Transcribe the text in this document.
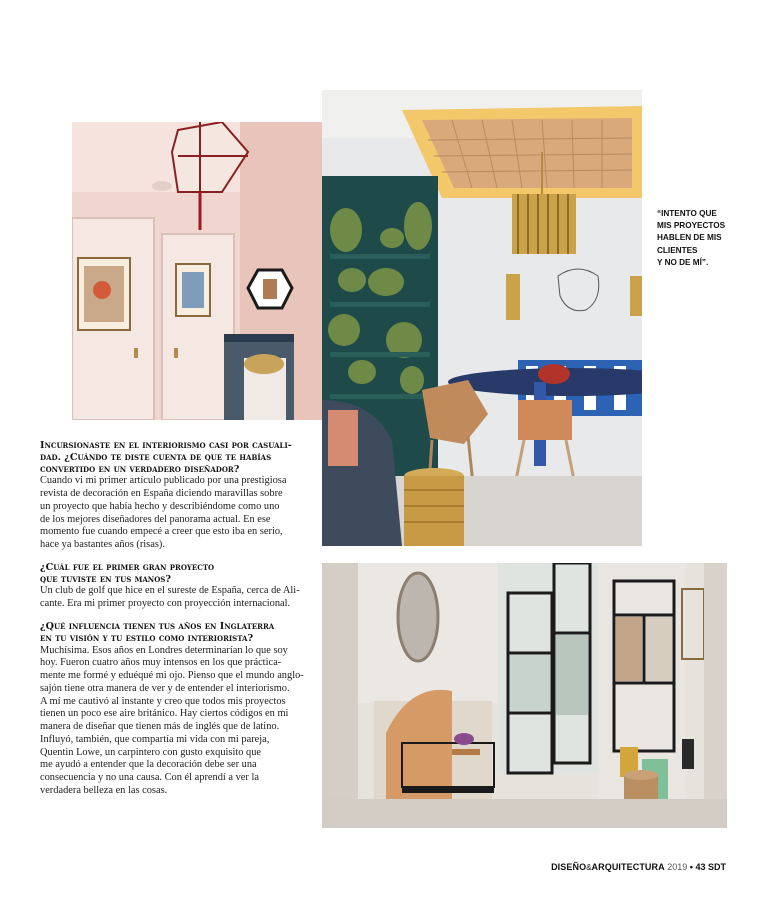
“INTENTO QUE
MIS PROYECTOS
HABLEN DE MIS
CLIENTES
Y NO DE MÍ”.

Incursionaste en el interiorismo casi por casuali-
dad. ¿Cuándo te diste cuenta de que te habías
convertido en un verdadero diseñador?

Cuando vi mi primer artículo publicado por una prestigiosa
revista de decoración en España diciendo maravillas sobre
un proyecto que había hecho y describiéndome como uno
de los mejores diseñadores del panorama actual. En ese
momento fue cuando empecé a creer que esto iba en serio,
hace ya bastantes años (risas).

¿Cuál fue el primer gran proyecto
que tuviste en tus manos?

Un club de golf que hice en el sureste de España, cerca de Ali-
cante. Era mi primer proyecto con proyección internacional.

¿Qué influencia tienen tus años en Inglaterra
en tu visión y tu estilo como interiorista?

Muchísima. Esos años en Londres determinarían lo que soy
hoy. Fueron cuatro años muy intensos en los que práctica-
mente me formé y eduéqué mi ojo. Pienso que el mundo anglo-
sajón tiene otra manera de ver y de entender el interiorismo.
A mí me cautivó al instante y creo que todos mis proyectos
tienen un poco ese aire británico. Hay ciertos códigos en mi
manera de diseñar que tienen más de inglés que de latino.
Influyó, también, que compartía mi vida con mi pareja,
Quentin Lowe, un carpintero con gusto exquisito que
me ayudó a entender que la decoración debe ser una
consecuencia y no una causa. Con él aprendí a ver la
verdadera belleza en las cosas.

DISEÑO&ARQUITECTURA 2019 • 43 SDT
